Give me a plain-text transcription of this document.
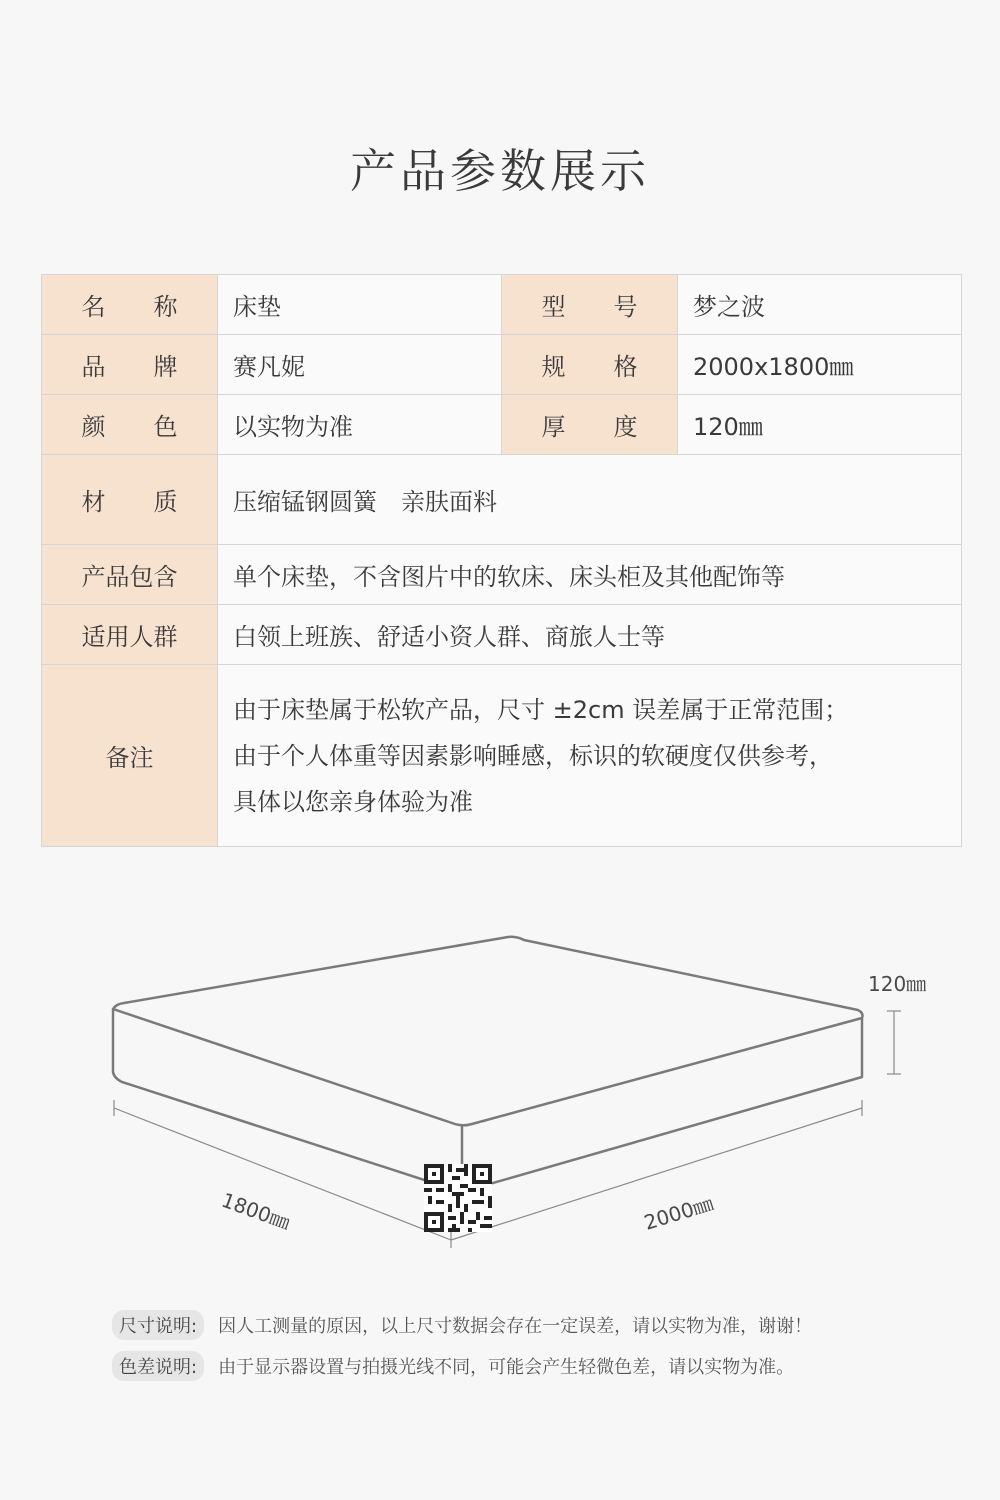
产品参数展示
名 称	床垫	型 号	梦之波
品 牌	赛凡妮	规 格	2000x1800㎜
颜 色	以实物为准	厚 度	120㎜
材 质	压缩锰钢圆簧　亲肤面料		
产品包含	单个床垫，不含图片中的软床、床头柜及其他配饰等		
适用人群	白领上班族、舒适小资人群、商旅人士等		
备注	由于床垫属于松软产品，尺寸 ±2cm 误差属于正常范围；
由于个人体重等因素影响睡感，标识的软硬度仅供参考，
具体以您亲身体验为准		
120㎜
1800㎜	2000㎜
尺寸说明:	因人工测量的原因，以上尺寸数据会存在一定误差，请以实物为准，谢谢！
色差说明:	由于显示器设置与拍摄光线不同，可能会产生轻微色差，请以实物为准。
